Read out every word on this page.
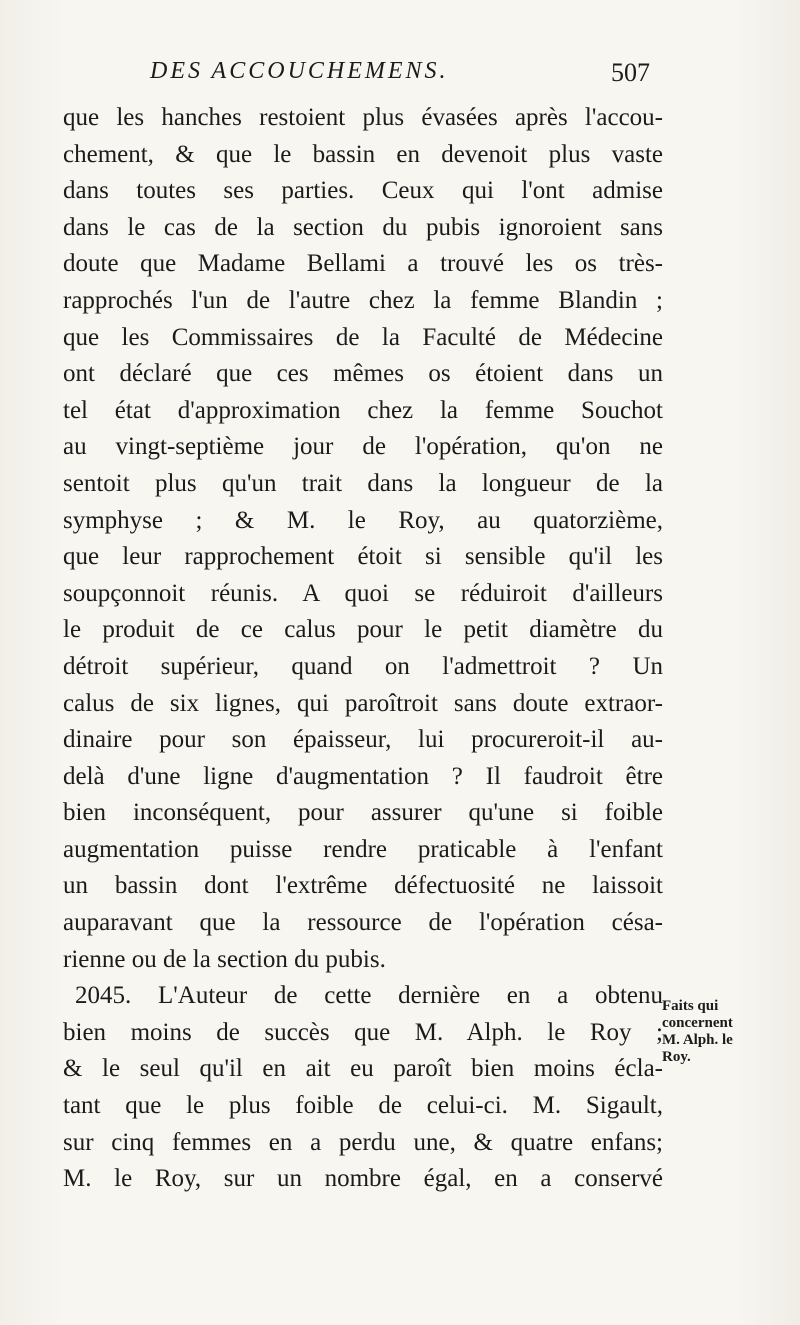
DES ACCOUCHEMENS.	507
que les hanches restoient plus évasées après l'accou-
chement, & que le bassin en devenoit plus vaste
dans toutes ses parties. Ceux qui l'ont admise
dans le cas de la section du pubis ignoroient sans
doute que Madame Bellami a trouvé les os très-
rapprochés l'un de l'autre chez la femme Blandin ;
que les Commissaires de la Faculté de Médecine
ont déclaré que ces mêmes os étoient dans un
tel état d'approximation chez la femme Souchot
au vingt-septième jour de l'opération, qu'on ne
sentoit plus qu'un trait dans la longueur de la
symphyse ; & M. le Roy, au quatorzième,
que leur rapprochement étoit si sensible qu'il les
soupçonnoit réunis. A quoi se réduiroit d'ailleurs
le produit de ce calus pour le petit diamètre du
détroit supérieur, quand on l'admettroit ? Un
calus de six lignes, qui paroîtroit sans doute extraor-
dinaire pour son épaisseur, lui procureroit-il au-
delà d'une ligne d'augmentation ? Il faudroit être
bien inconséquent, pour assurer qu'une si foible
augmentation puisse rendre praticable à l'enfant
un bassin dont l'extrême défectuosité ne laissoit
auparavant que la ressource de l'opération césa-
rienne ou de la section du pubis.
2045. L'Auteur de cette dernière en a obtenu
bien moins de succès que M. Alph. le Roy ;
& le seul qu'il en ait eu paroît bien moins écla-
tant que le plus foible de celui-ci. M. Sigault,
sur cinq femmes en a perdu une, & quatre enfans;
M. le Roy, sur un nombre égal, en a conservé
Faits qui
concernent
M. Alph. le
Roy.
